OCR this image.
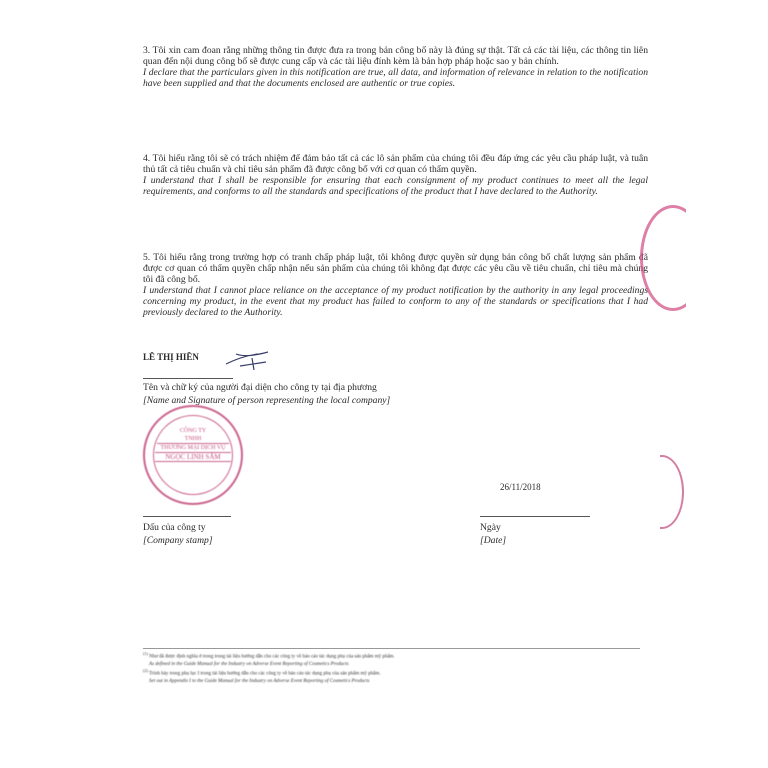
3. Tôi xin cam đoan rằng những thông tin được đưa ra trong bản công bố này là đúng sự thật. Tất cả các tài liệu, các thông tin liên quan đến nội dung công bố sẽ được cung cấp và các tài liệu đính kèm là bản hợp pháp hoặc sao y bản chính.
I declare that the particulars given in this notification are true, all data, and information of relevance in relation to the notification have been supplied and that the documents enclosed are authentic or true copies.
4. Tôi hiểu rằng tôi sẽ có trách nhiệm để đảm bảo tất cả các lô sản phẩm của chúng tôi đều đáp ứng các yêu cầu pháp luật, và tuân thủ tất cả tiêu chuẩn và chỉ tiêu sản phẩm đã được công bố với cơ quan có thẩm quyền.
I understand that I shall be responsible for ensuring that each consignment of my product continues to meet all the legal requirements, and conforms to all the standards and specifications of the product that I have declared to the Authority.
5. Tôi hiểu rằng trong trường hợp có tranh chấp pháp luật, tôi không được quyền sử dụng bản công bố chất lượng sản phẩm đã được cơ quan có thẩm quyền chấp nhận nếu sản phẩm của chúng tôi không đạt được các yêu cầu về tiêu chuẩn, chỉ tiêu mà chúng tôi đã công bố.
I understand that I cannot place reliance on the acceptance of my product notification by the authority in any legal proceedings concerning my product, in the event that my product has failed to conform to any of the standards or specifications that I had previously declared to the Authority.
LÊ THỊ HIỀN
Tên và chữ ký của người đại diện cho công ty tại địa phương
[Name and Signature of person representing the local company]
CÔNG TY
TNHH
THƯƠNG MẠI DỊCH VỤ
NGỌC LINH SÂM
26/11/2018
Dấu của công ty
[Company stamp]
Ngày
[Date]
$^{(1)}$ Như đã được định nghĩa ở trong trong tài liệu hướng dẫn cho các công ty về báo cáo tác dụng phụ của sản phẩm mỹ phẩm.
As defined in the Guide Manual for the Industry on Adverse Event Reporting of Cosmetics Products
$^{(2)}$ Trình bày trong phụ lục I trong tài liệu hướng dẫn cho các công ty về báo cáo tác dụng phụ của sản phẩm mỹ phẩm.
Set out in Appendix I to the Guide Manual for the Industry on Adverse Event Reporting of Cosmetics Products
